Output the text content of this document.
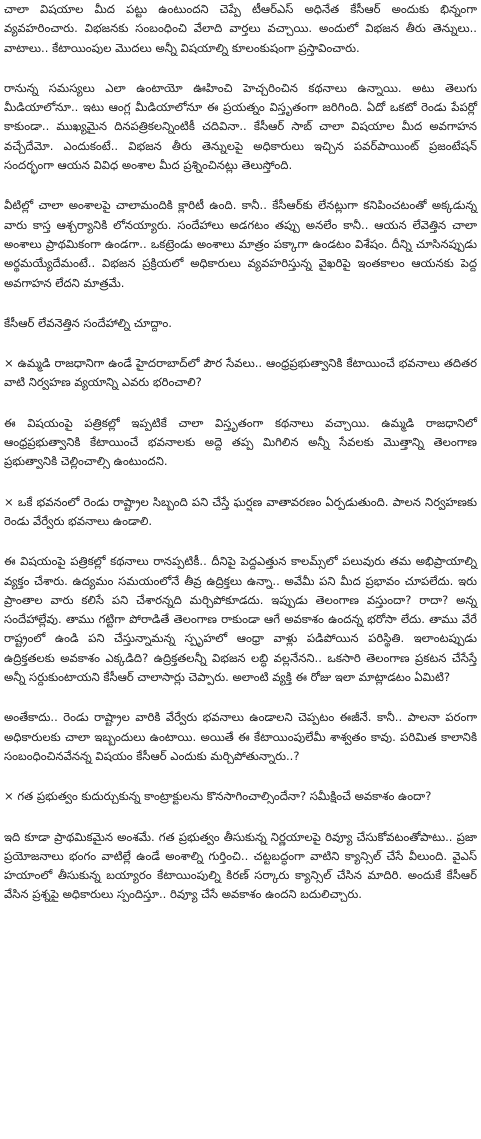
చాలా విషయాల మీద పట్టు ఉంటుందని చెప్పే టీఆర్ఎస్ అధినేత కేసీఆర్ అందుకు భిన్నంగా వ్యవహరించారు. విభజనకు సంబంధించి వేలాది వార్తలు వచ్చాయి. అందులో విభజన తీరు తెన్నులు.. వాటాలు.. కేటాయింపుల మొదలు అన్నీ విషయాల్ని కూలంకుషంగా ప్రస్తావించారు.

రానున్న సమస్యలు ఎలా ఉంటాయో ఊహించి హెచ్చరించిన కథనాలు ఉన్నాయి. అటు తెలుగు మీడియాలోనూ.. ఇటు ఆంగ్ల మీడియాలోనూ ఈ ప్రయత్నం విస్తృతంగా జరిగింది. ఏదో ఒకటో రెండు పేపర్లో కాకుండా.. ముఖ్యమైన దినపత్రికలన్నింటికీ చదివినా.. కేసీఆర్ సాబ్ చాలా విషయాల మీద అవగాహన వచ్చేదేమో. ఎందుకంటే.. విభజన తీరు తెన్నులపై అధికారులు ఇచ్చిన పవర్‌పాయింట్ ప్రజంటేషన్ సందర్భంగా ఆయన వివిధ అంశాల మీద ప్రశ్నించినట్లు తెలుస్తోంది.

వీటిల్లో చాలా అంశాలపై చాలామందికి క్లారిటీ ఉంది. కానీ.. కేసీఆర్‌కు లేనట్లుగా కనిపించటంతో అక్కడున్న వారు కాస్త ఆశ్చర్యానికి లోనయ్యారు. సందేహాలు అడగటం తప్పు అనలేం కానీ.. ఆయన లేవెత్తిన చాలా అంశాలు ప్రాథమికంగా ఉండగా.. ఒకట్రెండు అంశాలు మాత్రం పక్కాగా ఉండటం విశేషం. దీన్ని చూసినప్పుడు అర్థమయ్యేదేమంటే.. విభజన ప్రక్రియలో అధికారులు వ్యవహరిస్తున్న వైఖరిపై ఇంతకాలం ఆయనకు పెద్ద అవగాహన లేదని మాత్రమే.

కేసీఆర్ లేవనెత్తిన సందేహాల్ని చూద్దాం.

× ఉమ్మడి రాజధానిగా ఉండే హైదరాబాద్‌లో పౌర సేవలు.. ఆంధ్రప్రభుత్వానికి కేటాయించే భవనాలు తదితర వాటి నిర్వహణ వ్యయాన్ని ఎవరు భరించాలి?

ఈ విషయంపై పత్రికల్లో ఇప్పటికే చాలా విస్తృతంగా కథనాలు వచ్చాయి. ఉమ్మడి రాజధానిలో ఆంధ్రప్రభుత్వానికి కేటాయించే భవనాలకు అద్దె తప్ప మిగిలిన అన్నీ సేవలకు మొత్తాన్ని తెలంగాణ ప్రభుత్వానికి చెల్లించాల్సి ఉంటుందని.

× ఒకే భవనంలో రెండు రాష్ట్రాల సిబ్బంది పని చేస్తే ఘర్షణ వాతావరణం ఏర్పడుతుంది. పాలన నిర్వహణకు రెండు వేర్వేరు భవనాలు ఉండాలి.

ఈ విషయంపై పత్రికల్లో కథనాలు రానప్పటికీ.. దీనిపై పెద్దఎత్తున కాలమ్స్‌లో పలువురు తమ అభిప్రాయాల్ని వ్యక్తం చేశారు. ఉద్యమం సమయంలోనే తీవ్ర ఉద్రిక్తలు ఉన్నా.. అవేమీ పని మీద ప్రభావం చూపలేదు. ఇరు ప్రాంతాల వారు కలిసే పని చేశారన్నది మర్చిపోకూడదు. ఇప్పుడు తెలంగాణ వస్తుందా? రాదా? అన్న సందేహాల్లేవు. తాము గట్టిగా పోరాడితే తెలంగాణ రాకుండా ఆగే అవకాశం ఉందన్న భరోసా లేదు. తాము వేరే రాష్ట్రంలో ఉండి పని చేస్తున్నామన్న స్పృహలో ఆంధ్రా వాళ్లు పడిపోయిన పరిస్థితి. ఇలాంటప్పుడు ఉద్రిక్తతలకు అవకాశం ఎక్కడిది? ఉద్రిక్తతలన్నీ విభజన లబ్ధి వల్లనేనని.. ఒకసారి తెలంగాణ ప్రకటన చేసేస్తే అన్నీ సర్దుకుంటాయని కేసీఆర్ చాలాసార్లు చెప్పారు. అలాంటి వ్యక్తి ఈ రోజు ఇలా మాట్లాడటం ఏమిటి?

అంతేకాదు.. రెండు రాష్ట్రాల వారికి వేర్వేరు భవనాలు ఉండాలని చెప్పటం ఈజీనే. కానీ.. పాలనా పరంగా అధికారులకు చాలా ఇబ్బందులు ఉంటాయి. అయితే ఈ కేటాయింపులేమీ శాశ్వతం కావు. పరిమిత కాలానికి సంబంధించినవేనన్న విషయం కేసీఆర్ ఎందుకు మర్చిపోతున్నారు..?

× గత ప్రభుత్వం కుదుర్చుకున్న కాంట్రాక్టులను కొనసాగించాల్సిందేనా? సమీక్షించే అవకాశం ఉందా?

ఇది కూడా ప్రాథమికమైన అంశమే. గత ప్రభుత్వం తీసుకున్న నిర్ణయాలపై రివ్యూ చేసుకోవటంతోపాటు.. ప్రజా ప్రయోజనాలు భంగం వాటిల్లే ఉండే అంశాల్ని గుర్తించి.. చట్టబద్ధంగా వాటిని క్యాన్సిల్ చేసే వీలుంది. వైఎస్ హయాంలో తీసుకున్న బయ్యారం కేటాయింపుల్ని కిరణ్ సర్కారు క్యాన్సిల్ చేసిన మాదిరి. అందుకే కేసీఆర్ వేసిన ప్రశ్నపై అధికారులు స్పందిస్తూ.. రివ్యూ చేసే అవకాశం ఉందని బదులిచ్చారు.
